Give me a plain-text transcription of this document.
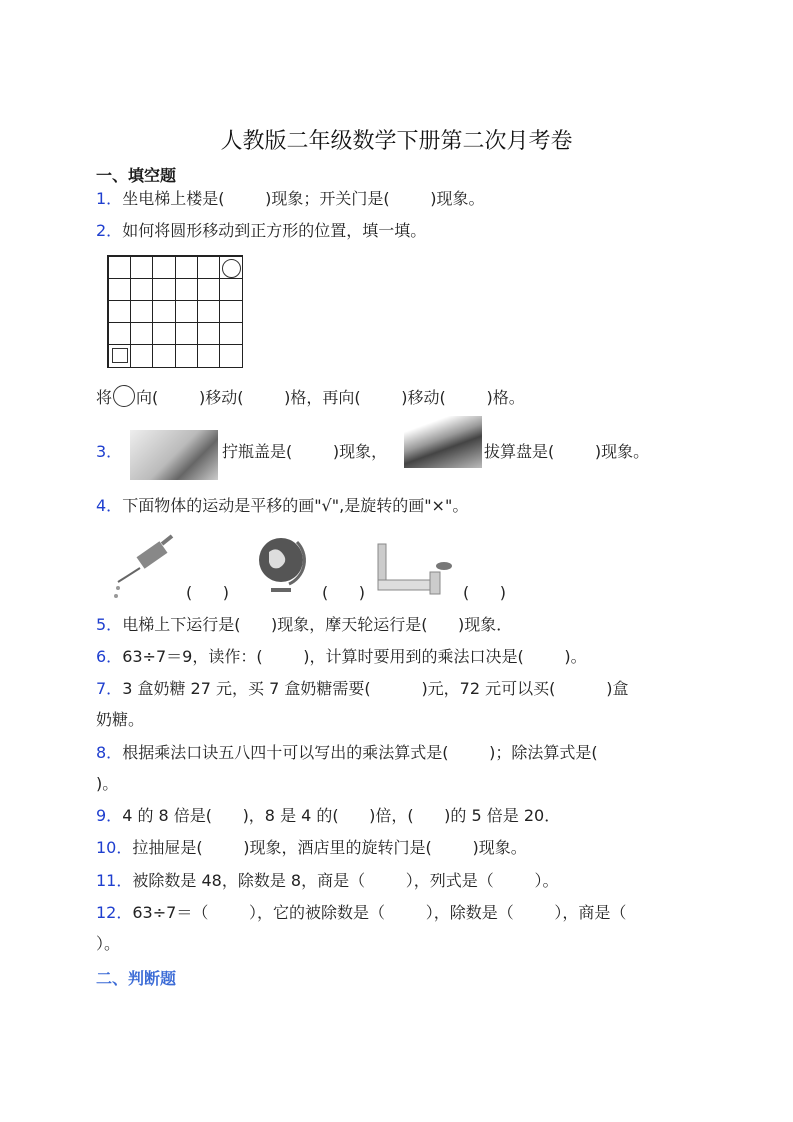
人教版二年级数学下册第二次月考卷
一、填空题
1．坐电梯上楼是(        )现象；开关门是(        )现象。
2．如何将圆形移动到正方形的位置，填一填。
将 向(        )移动(        )格，再向(        )移动(        )格。
3．	拧瓶盖是(        )现象，	拔算盘是(        )现象。
4．下面物体的运动是平移的画"√",是旋转的画"×"。
(      )	(      )	(      )
5．电梯上下运行是(      )现象，摩天轮运行是(      )现象．
6．63÷7＝9，读作：(        )，计算时要用到的乘法口决是(        )。
7．3 盒奶糖 27 元，买 7 盒奶糖需要(          )元，72 元可以买(          )盒
奶糖。
8．根据乘法口诀五八四十可以写出的乘法算式是(        )；除法算式是(
)。
9．4 的 8 倍是(      )，8 是 4 的(      )倍，(      )的 5 倍是 20．
10．拉抽屉是(        )现象，酒店里的旋转门是(        )现象。
11．被除数是 48，除数是 8，商是（        ），列式是（        ）。
12．63÷7＝（        ），它的被除数是（        ），除数是（        ），商是（
）。
二、判断题
